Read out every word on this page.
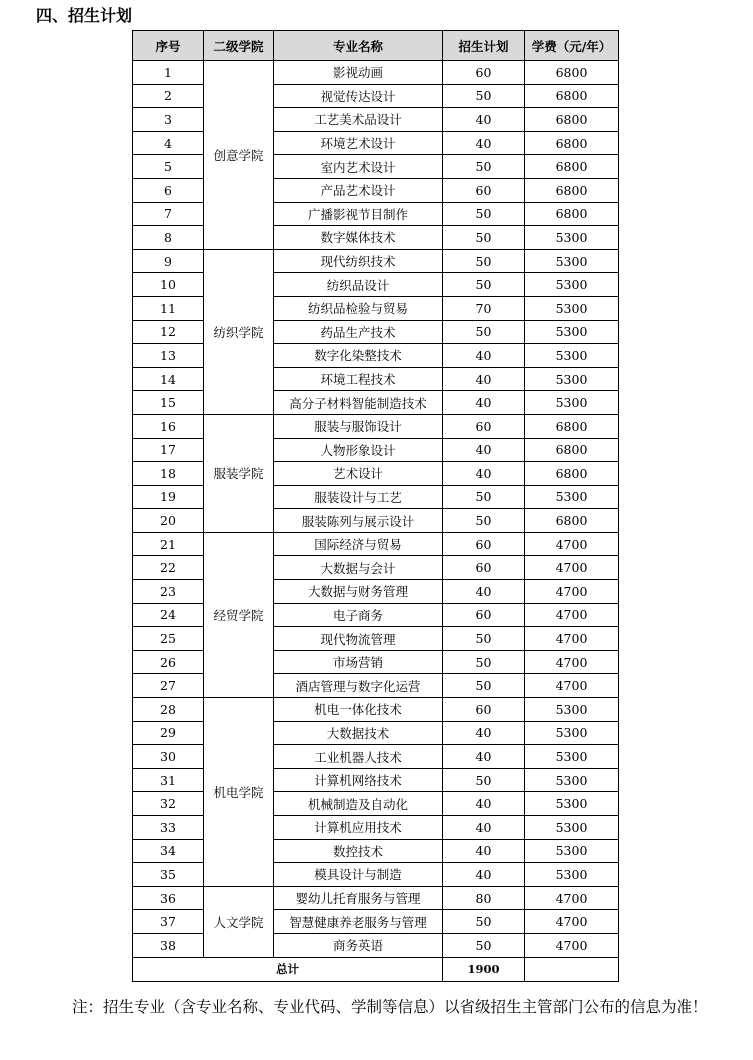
四、招生计划
序号	二级学院	专业名称	招生计划	学费（元/年）
1	创意学院	影视动画	60	6800
2		视觉传达设计	50	6800
3		工艺美术品设计	40	6800
4		环境艺术设计	40	6800
5		室内艺术设计	50	6800
6		产品艺术设计	60	6800
7		广播影视节目制作	50	6800
8		数字媒体技术	50	5300
9	纺织学院	现代纺织技术	50	5300
10		纺织品设计	50	5300
11		纺织品检验与贸易	70	5300
12		药品生产技术	50	5300
13		数字化染整技术	40	5300
14		环境工程技术	40	5300
15		高分子材料智能制造技术	40	5300
16	服装学院	服装与服饰设计	60	6800
17		人物形象设计	40	6800
18		艺术设计	40	6800
19		服装设计与工艺	50	5300
20		服装陈列与展示设计	50	6800
21	经贸学院	国际经济与贸易	60	4700
22		大数据与会计	60	4700
23		大数据与财务管理	40	4700
24		电子商务	60	4700
25		现代物流管理	50	4700
26		市场营销	50	4700
27		酒店管理与数字化运营	50	4700
28	机电学院	机电一体化技术	60	5300
29		大数据技术	40	5300
30		工业机器人技术	40	5300
31		计算机网络技术	50	5300
32		机械制造及自动化	40	5300
33		计算机应用技术	40	5300
34		数控技术	40	5300
35		模具设计与制造	40	5300
36	人文学院	婴幼儿托育服务与管理	80	4700
37		智慧健康养老服务与管理	50	4700
38		商务英语	50	4700
总计			1900	

注：招生专业（含专业名称、专业代码、学制等信息）以省级招生主管部门公布的信息为准！
